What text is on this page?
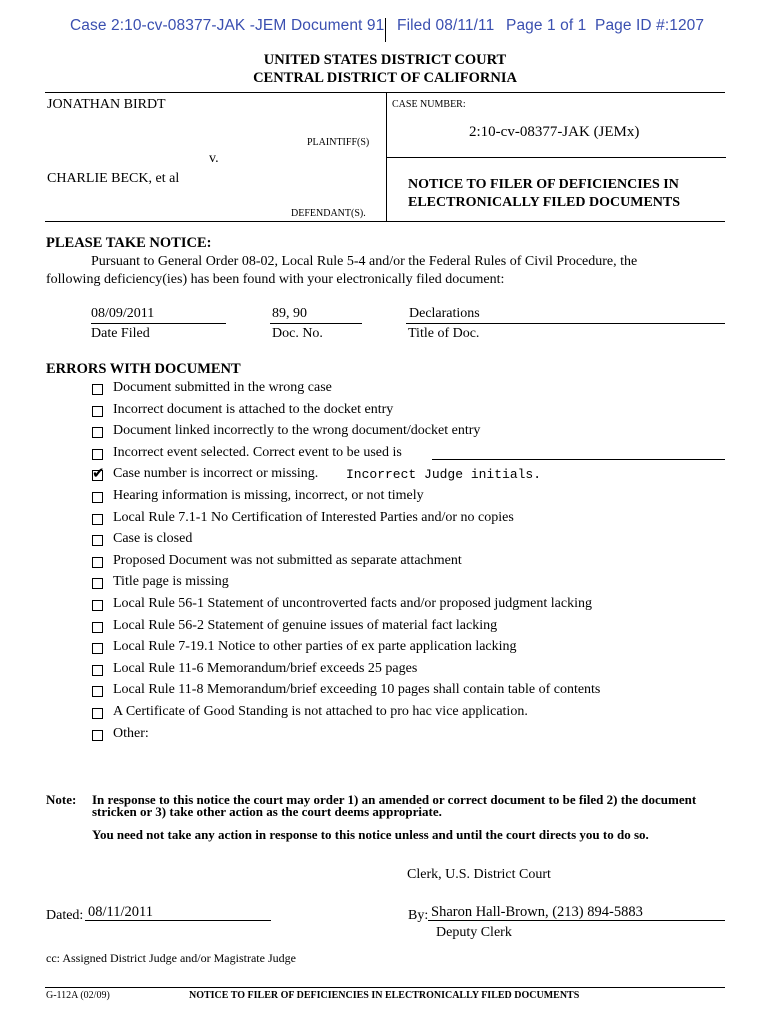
Case 2:10-cv-08377-JAK -JEM Document 91 Filed 08/11/11 Page 1 of 1 Page ID #:1207
UNITED STATES DISTRICT COURT
CENTRAL DISTRICT OF CALIFORNIA
JONATHAN BIRDT
PLAINTIFF(S)
v.
CHARLIE BECK, et al
DEFENDANT(S).
CASE NUMBER:
2:10-cv-08377-JAK (JEMx)
NOTICE TO FILER OF DEFICIENCIES IN
ELECTRONICALLY FILED DOCUMENTS
PLEASE TAKE NOTICE:
Pursuant to General Order 08-02, Local Rule 5-4 and/or the Federal Rules of Civil Procedure, the
following deficiency(ies) has been found with your electronically filed document:
08/09/2011
Date Filed
89, 90
Doc. No.
Declarations
Title of Doc.
ERRORS WITH DOCUMENT
Document submitted in the wrong case
Incorrect document is attached to the docket entry
Document linked incorrectly to the wrong document/docket entry
Incorrect event selected. Correct event to be used is
✔ Case number is incorrect or missing. Incorrect Judge initials.
Hearing information is missing, incorrect, or not timely
Local Rule 7.1-1 No Certification of Interested Parties and/or no copies
Case is closed
Proposed Document was not submitted as separate attachment
Title page is missing
Local Rule 56-1 Statement of uncontroverted facts and/or proposed judgment lacking
Local Rule 56-2 Statement of genuine issues of material fact lacking
Local Rule 7-19.1 Notice to other parties of ex parte application lacking
Local Rule 11-6 Memorandum/brief exceeds 25 pages
Local Rule 11-8 Memorandum/brief exceeding 10 pages shall contain table of contents
A Certificate of Good Standing is not attached to pro hac vice application.
Other:
Note: In response to this notice the court may order 1) an amended or correct document to be filed 2) the document
stricken or 3) take other action as the court deems appropriate.
You need not take any action in response to this notice unless and until the court directs you to do so.
Clerk, U.S. District Court
Dated: 08/11/2011	By: Sharon Hall-Brown, (213) 894-5883
Deputy Clerk
cc: Assigned District Judge and/or Magistrate Judge
G-112A (02/09)	NOTICE TO FILER OF DEFICIENCIES IN ELECTRONICALLY FILED DOCUMENTS
